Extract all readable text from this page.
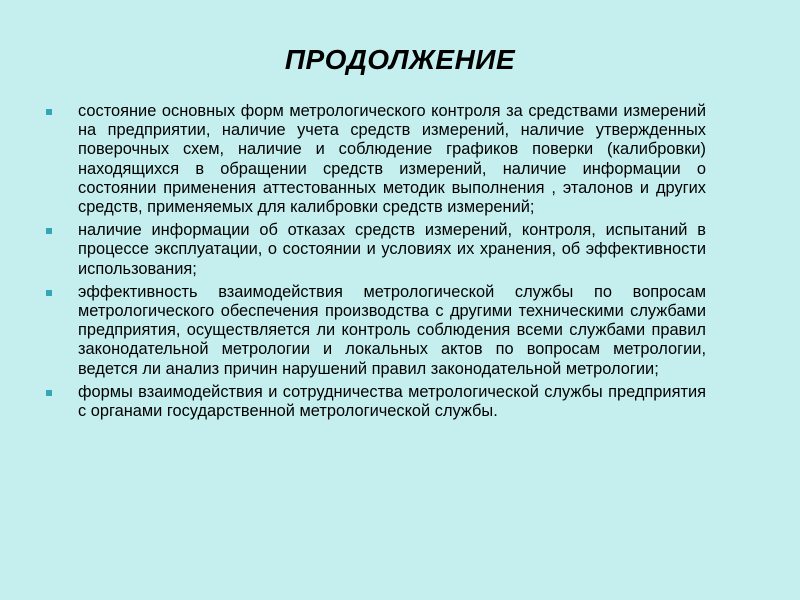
ПРОДОЛЖЕНИЕ
состояние основных форм метрологического контроля за средствами измерений на предприятии, наличие учета средств измерений, наличие утвержденных поверочных схем, наличие и соблюдение графиков поверки (калибровки) находящихся в обращении средств измерений, наличие информации о состоянии применения аттестованных методик выполнения , эталонов и других средств, применяемых для калибровки средств измерений;
наличие информации об отказах средств измерений, контроля, испытаний в процессе эксплуатации, о состоянии и условиях их хранения, об эффективности использования;
эффективность взаимодействия метрологической службы по вопросам метрологического обеспечения производства с другими техническими службами предприятия, осуществляется ли контроль соблюдения всеми службами правил законодательной метрологии и локальных актов по вопросам метрологии, ведется ли анализ причин нарушений правил законодательной метрологии;
формы взаимодействия и сотрудничества метрологической службы предприятия с органами государственной метрологической службы.
